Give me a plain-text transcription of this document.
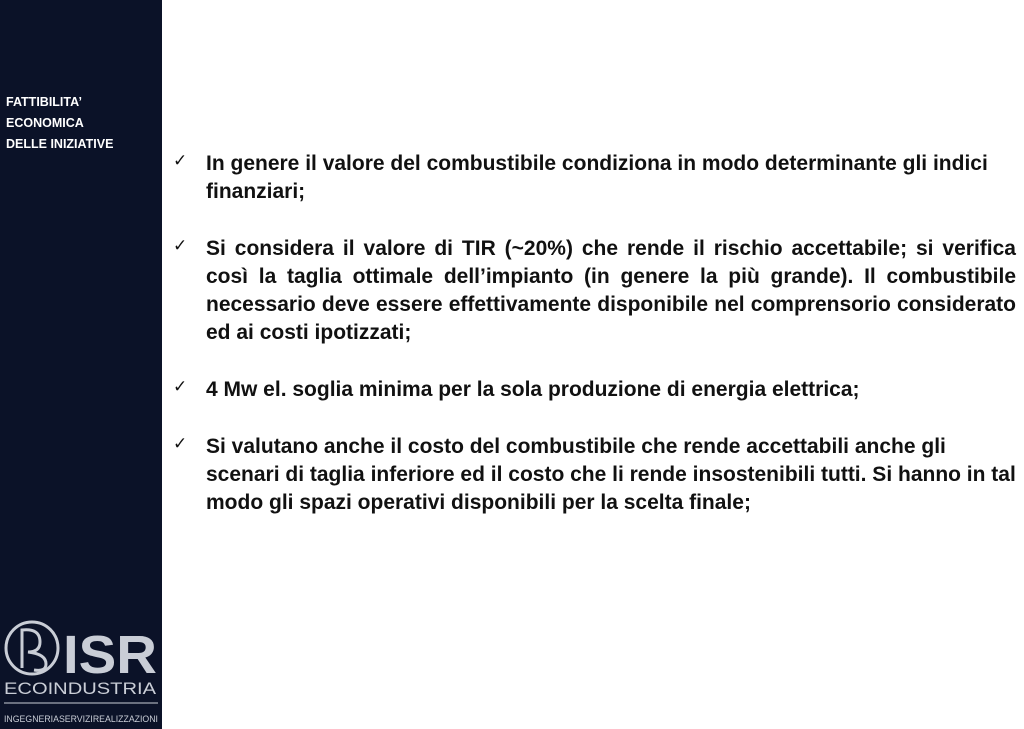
FATTIBILITA’
ECONOMICA
DELLE INIZIATIVE
ISR
ECOINDUSTRIA
INGEGNERIASERVIZIREALIZZAZIONI
✓ In genere il valore del combustibile condiziona in modo determinante gli indici finanziari;
✓ Si considera il valore di TIR (~20%) che rende il rischio accettabile; si verifica così la taglia ottimale dell’impianto (in genere la più grande). Il combustibile necessario deve essere effettivamente disponibile nel comprensorio considerato ed ai costi ipotizzati;
✓ 4 Mw el. soglia minima per la sola produzione di energia elettrica;
✓ Si valutano anche il costo del combustibile che rende accettabili anche gli scenari di taglia inferiore ed il costo che li rende insostenibili tutti. Si hanno in tal modo gli spazi operativi disponibili per la scelta finale;
